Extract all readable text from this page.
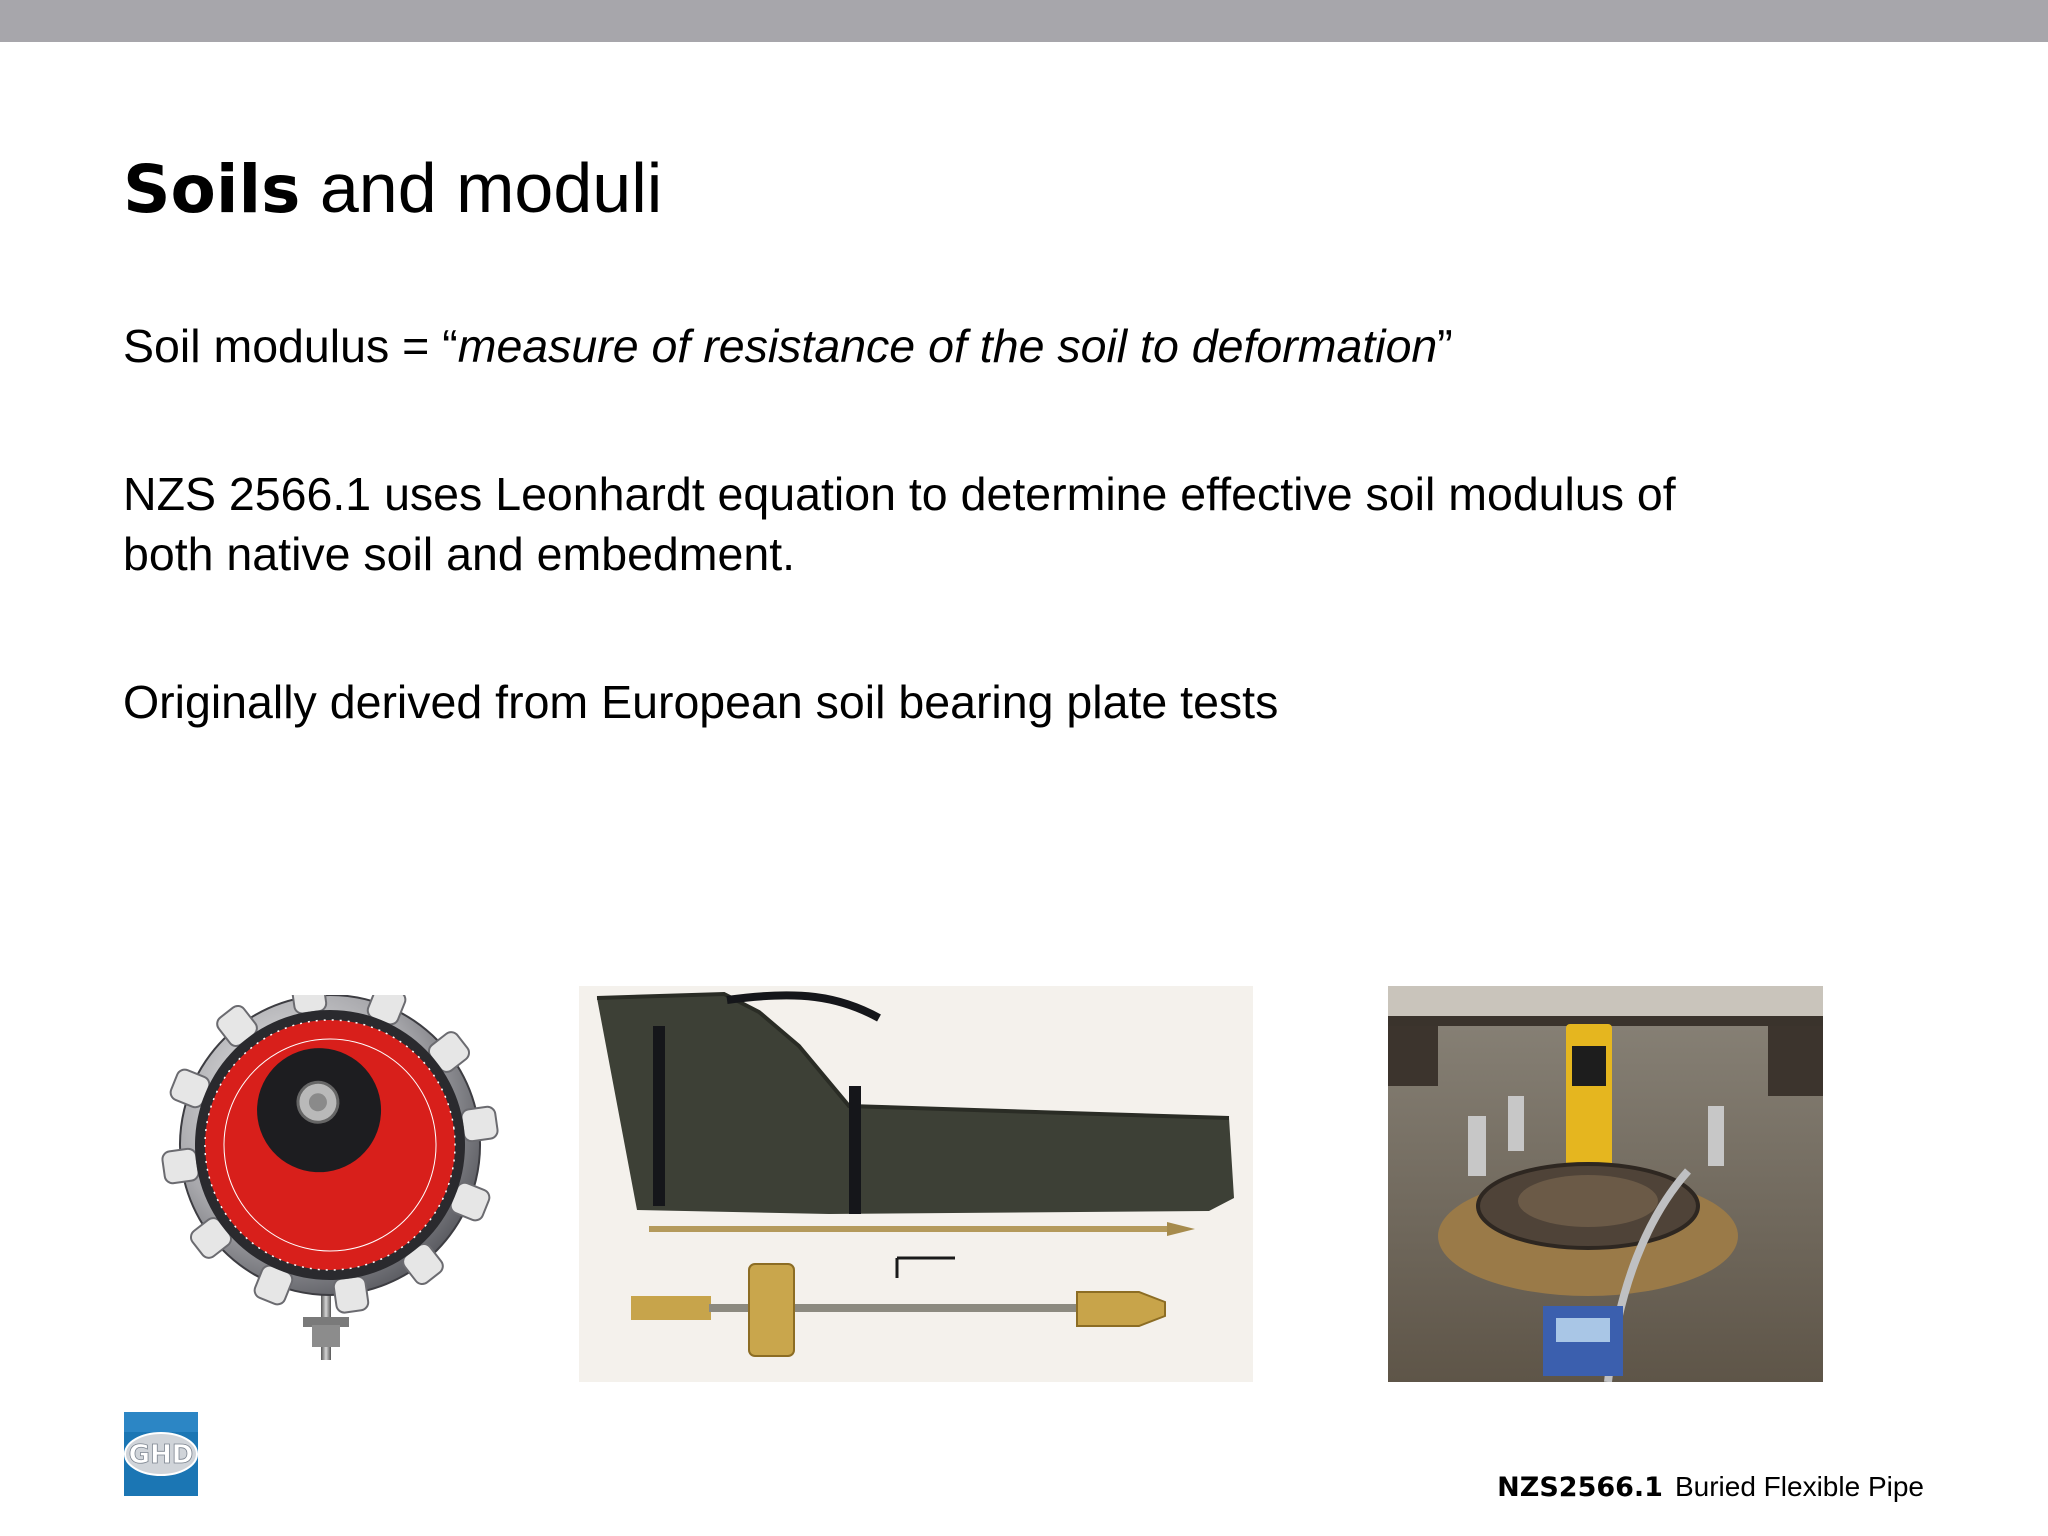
Soils and moduli

Soil modulus = “measure of resistance of the soil to deformation”

NZS 2566.1 uses Leonhardt equation to determine effective soil modulus of
both native soil and embedment.

Originally derived from European soil bearing plate tests

GHD
NZS2566.1 Buried Flexible Pipe
